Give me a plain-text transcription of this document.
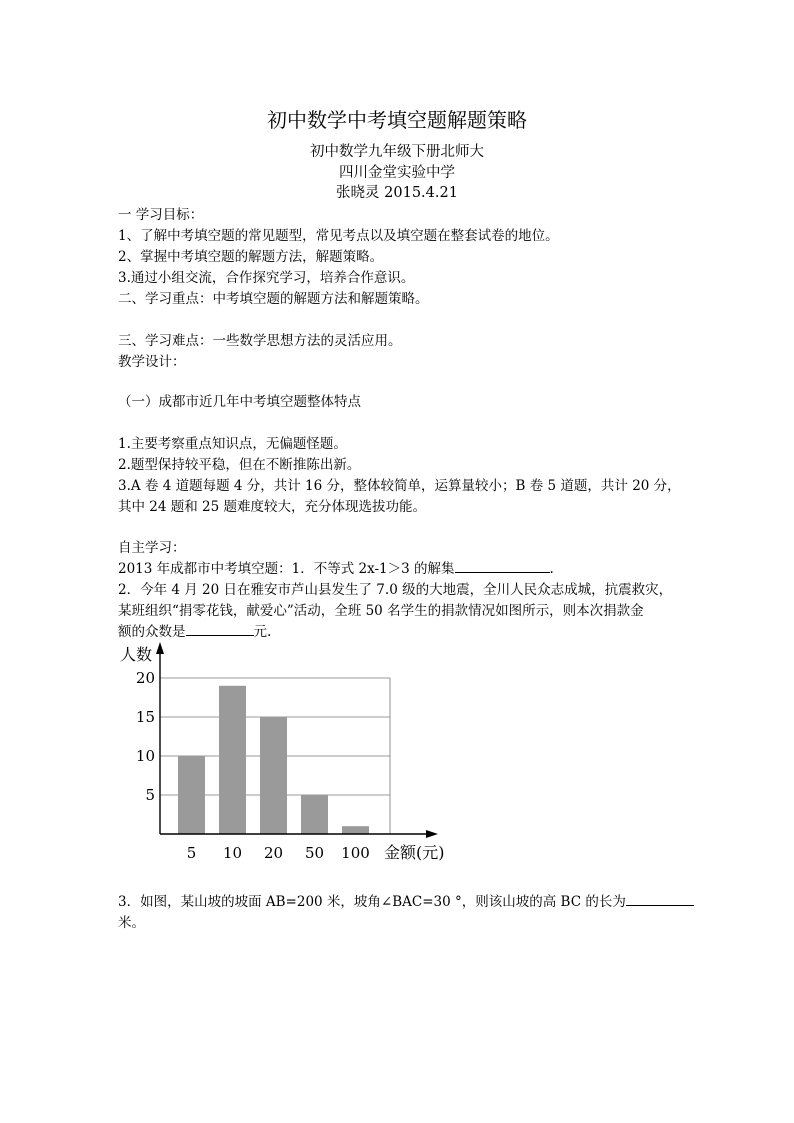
初中数学中考填空题解题策略
初中数学九年级下册北师大
四川金堂实验中学
张晓灵 2015.4.21
一 学习目标：
1、了解中考填空题的常见题型，常见考点以及填空题在整套试卷的地位。
2、掌握中考填空题的解题方法，解题策略。
3.通过小组交流，合作探究学习，培养合作意识。
二、学习重点：中考填空题的解题方法和解题策略。
三、学习难点：一些数学思想方法的灵活应用。
教学设计：
（一）成都市近几年中考填空题整体特点
1.主要考察重点知识点，无偏题怪题。
2.题型保持较平稳，但在不断推陈出新。
3.A 卷 4 道题每题 4 分，共计 16 分，整体较简单，运算量较小；B 卷 5 道题，共计 20 分，
其中 24 题和 25 题难度较大，充分体现选拔功能。
自主学习：
2013 年成都市中考填空题：1．不等式 2x-1＞3 的解集	.
2．今年 4 月 20 日在雅安市芦山县发生了 7.0 级的大地震，全川人民众志成城，抗震救灾，
某班组织“捐零花钱，献爱心”活动，全班 50 名学生的捐款情况如图所示，则本次捐款金
额的众数是	元.
5
10
15
20
5 10 20 50 100
人数
金额(元)
3．如图，某山坡的坡面 AB=200 米，坡角∠BAC=30 °，则该山坡的高 BC 的长为
米。
